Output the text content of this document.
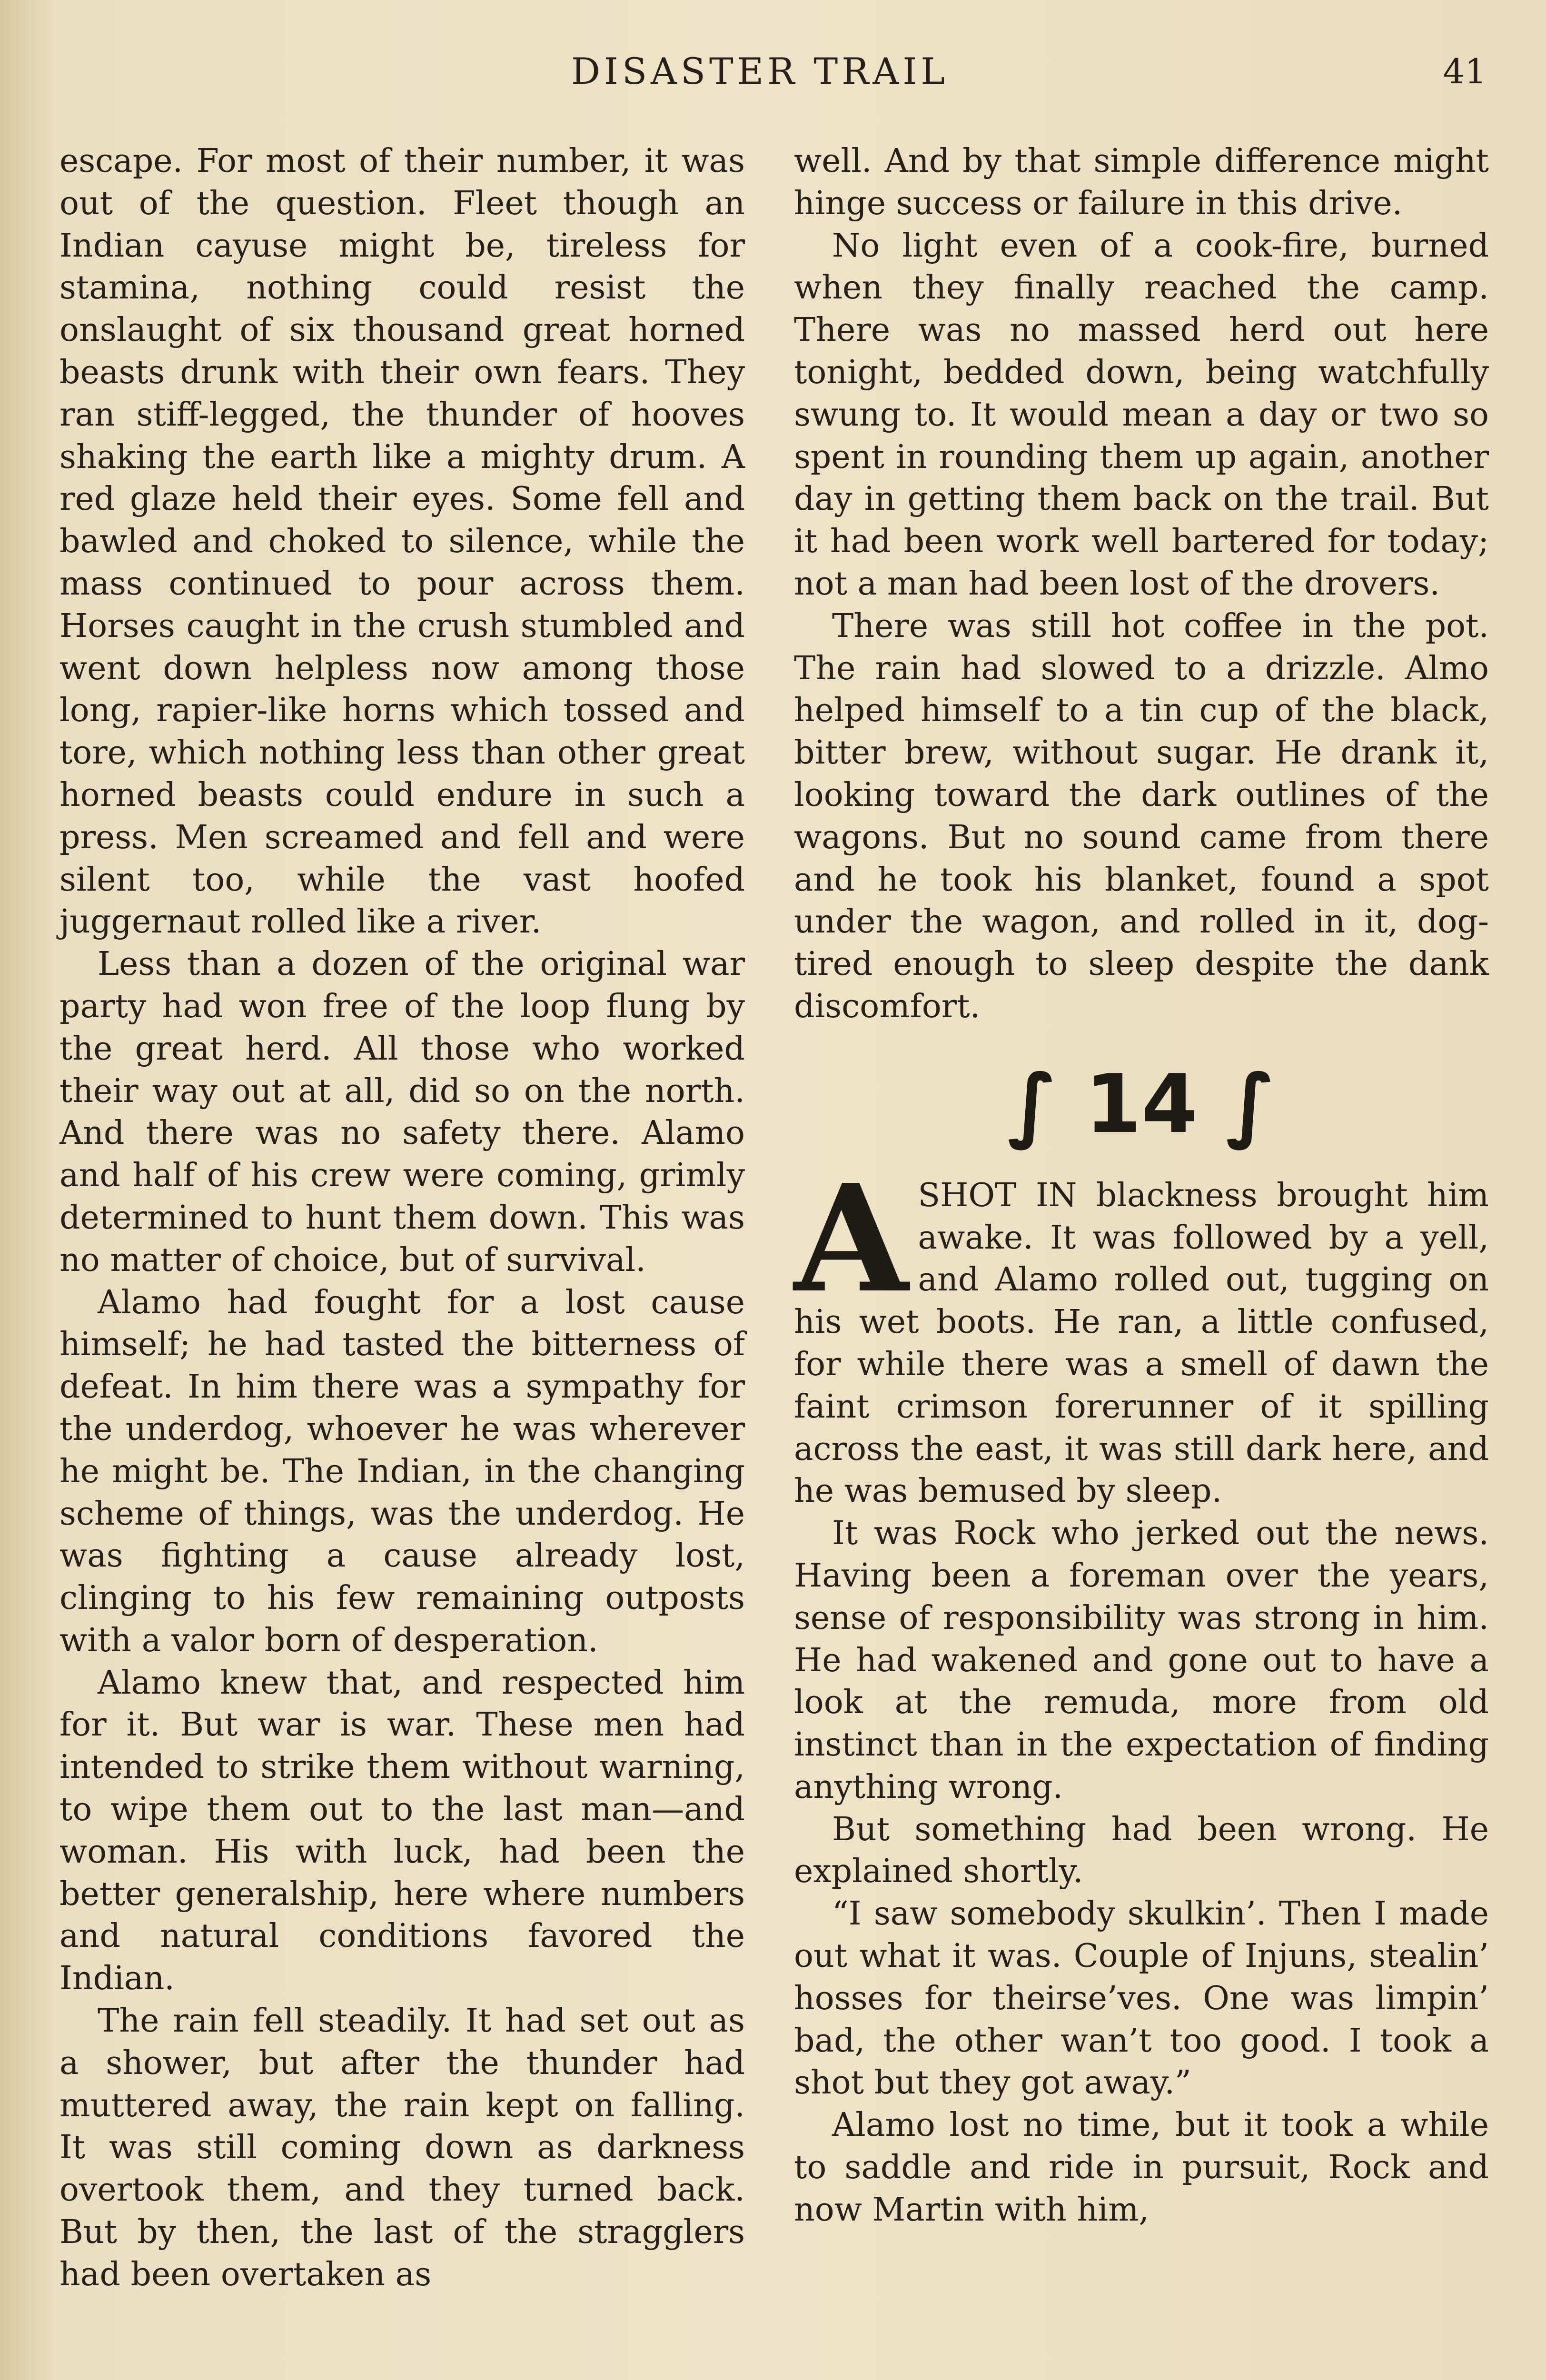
DISASTER TRAIL	41

escape. For most of their number, it was out of the question. Fleet though an Indian cayuse might be, tireless for stamina, nothing could resist the onslaught of six thousand great horned beasts drunk with their own fears. They ran stiff-legged, the thunder of hooves shaking the earth like a mighty drum. A red glaze held their eyes. Some fell and bawled and choked to silence, while the mass continued to pour across them. Horses caught in the crush stumbled and went down helpless now among those long, rapier-like horns which tossed and tore, which nothing less than other great horned beasts could endure in such a press. Men screamed and fell and were silent too, while the vast hoofed juggernaut rolled like a river.

Less than a dozen of the original war party had won free of the loop flung by the great herd. All those who worked their way out at all, did so on the north. And there was no safety there. Alamo and half of his crew were coming, grimly determined to hunt them down. This was no matter of choice, but of survival.

Alamo had fought for a lost cause himself; he had tasted the bitterness of defeat. In him there was a sympathy for the underdog, whoever he was wherever he might be. The Indian, in the changing scheme of things, was the underdog. He was fighting a cause already lost, clinging to his few remaining outposts with a valor born of desperation.

Alamo knew that, and respected him for it. But war is war. These men had intended to strike them without warning, to wipe them out to the last man—and woman. His with luck, had been the better generalship, here where numbers and natural conditions favored the Indian.

The rain fell steadily. It had set out as a shower, but after the thunder had muttered away, the rain kept on falling. It was still coming down as darkness overtook them, and they turned back. But by then, the last of the stragglers had been overtaken as

well. And by that simple difference might hinge success or failure in this drive.

No light even of a cook-fire, burned when they finally reached the camp. There was no massed herd out here tonight, bedded down, being watchfully swung to. It would mean a day or two so spent in rounding them up again, another day in getting them back on the trail. But it had been work well bartered for today; not a man had been lost of the drovers.

There was still hot coffee in the pot. The rain had slowed to a drizzle. Almo helped himself to a tin cup of the black, bitter brew, without sugar. He drank it, looking toward the dark outlines of the wagons. But no sound came from there and he took his blanket, found a spot under the wagon, and rolled in it, dog-tired enough to sleep despite the dank discomfort.

∫ 14 ∫

ASHOT IN blackness brought him awake. It was followed by a yell, and Alamo rolled out, tugging on his wet boots. He ran, a little confused, for while there was a smell of dawn the faint crimson forerunner of it spilling across the east, it was still dark here, and he was bemused by sleep.

It was Rock who jerked out the news. Having been a foreman over the years, sense of responsibility was strong in him. He had wakened and gone out to have a look at the remuda, more from old instinct than in the expectation of finding anything wrong.

But something had been wrong. He explained shortly.

“I saw somebody skulkin’. Then I made out what it was. Couple of Injuns, stealin’ hosses for theirse’ves. One was limpin’ bad, the other wan’t too good. I took a shot but they got away.”

Alamo lost no time, but it took a while to saddle and ride in pursuit, Rock and now Martin with him,
